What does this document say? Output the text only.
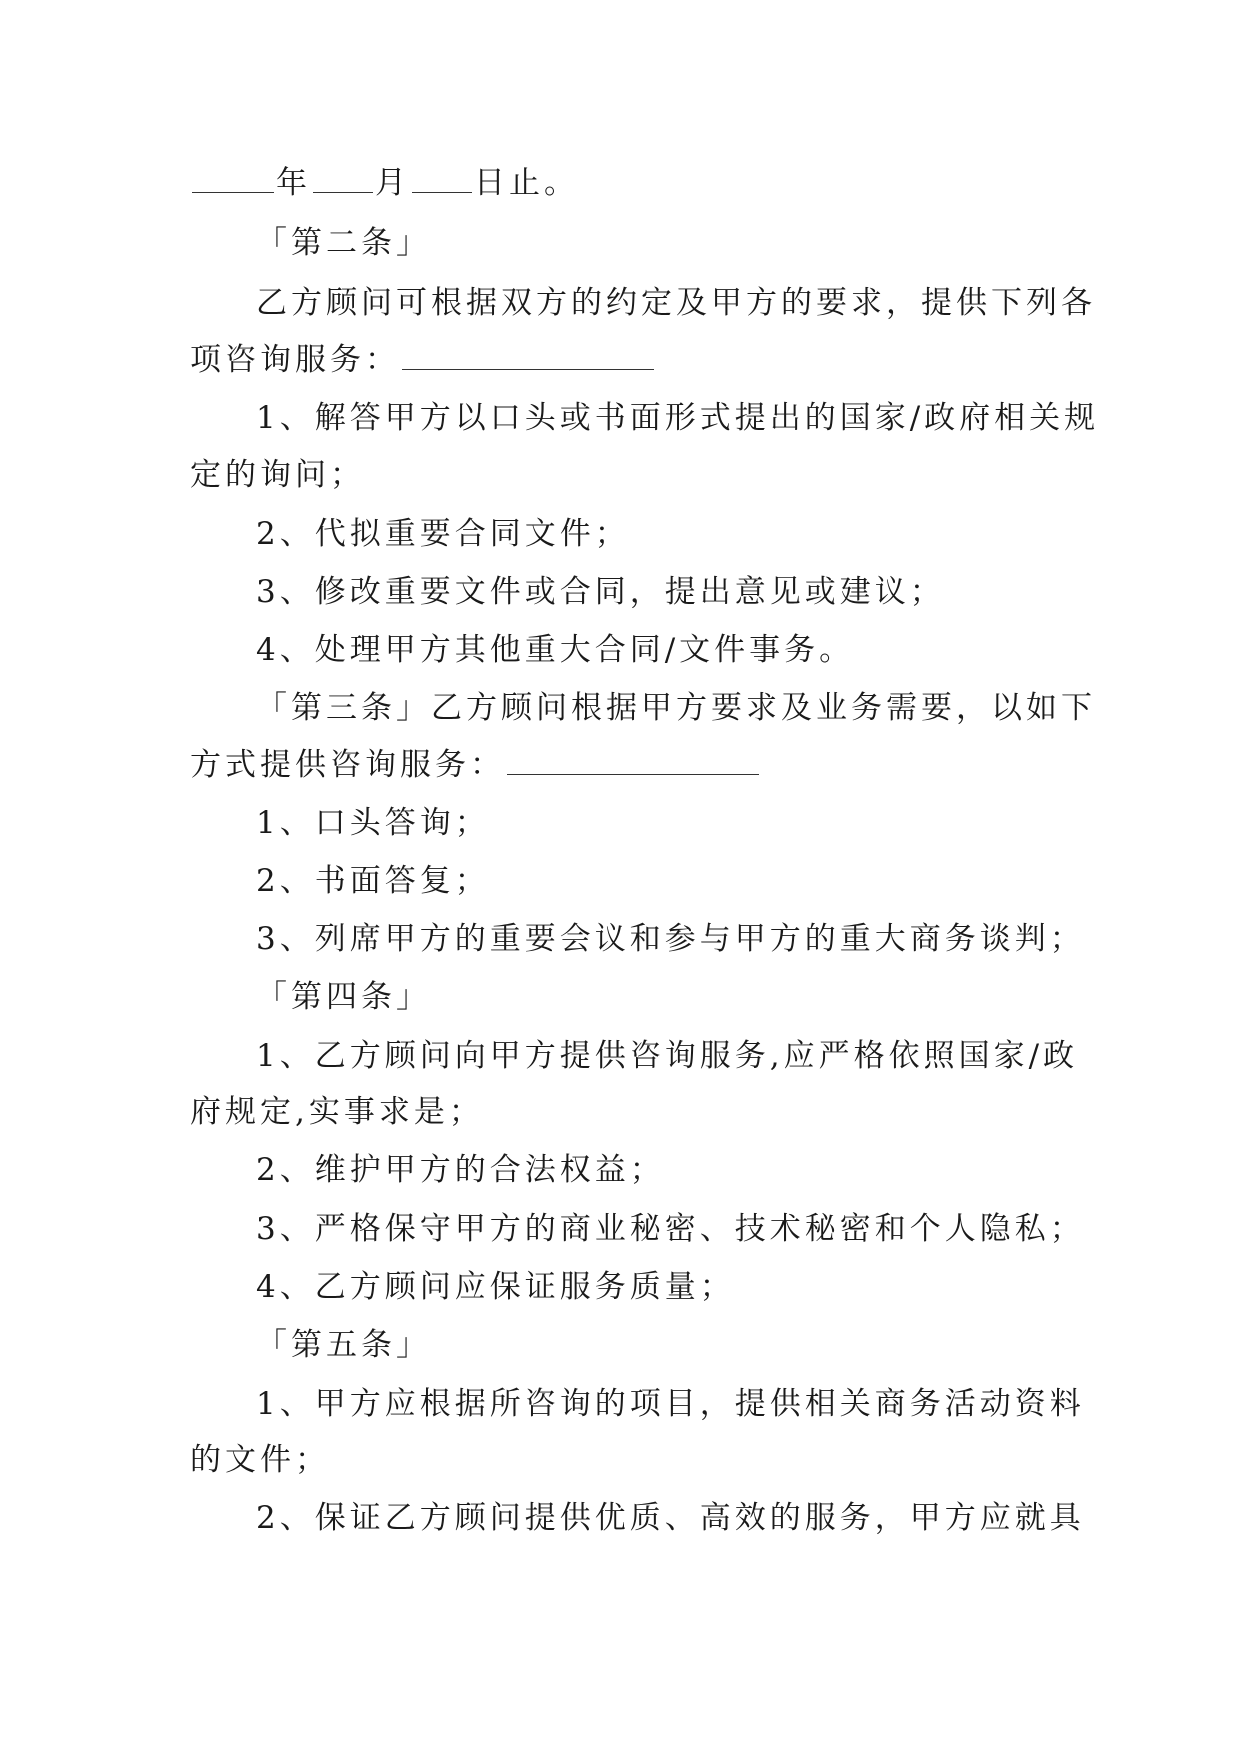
年 月 日止。
「第二条」
乙方顾问可根据双方的约定及甲方的要求，提供下列各
项咨询服务：
1、解答甲方以口头或书面形式提出的国家/政府相关规
定的询问；
2、代拟重要合同文件；
3、修改重要文件或合同，提出意见或建议；
4、处理甲方其他重大合同/文件事务。
「第三条」乙方顾问根据甲方要求及业务需要，以如下
方式提供咨询服务：
1、口头答询；
2、书面答复；
3、列席甲方的重要会议和参与甲方的重大商务谈判；
「第四条」
1、乙方顾问向甲方提供咨询服务,应严格依照国家/政
府规定,实事求是；
2、维护甲方的合法权益；
3、严格保守甲方的商业秘密、技术秘密和个人隐私；
4、乙方顾问应保证服务质量；
「第五条」
1、甲方应根据所咨询的项目，提供相关商务活动资料
的文件；
2、保证乙方顾问提供优质、高效的服务，甲方应就具
